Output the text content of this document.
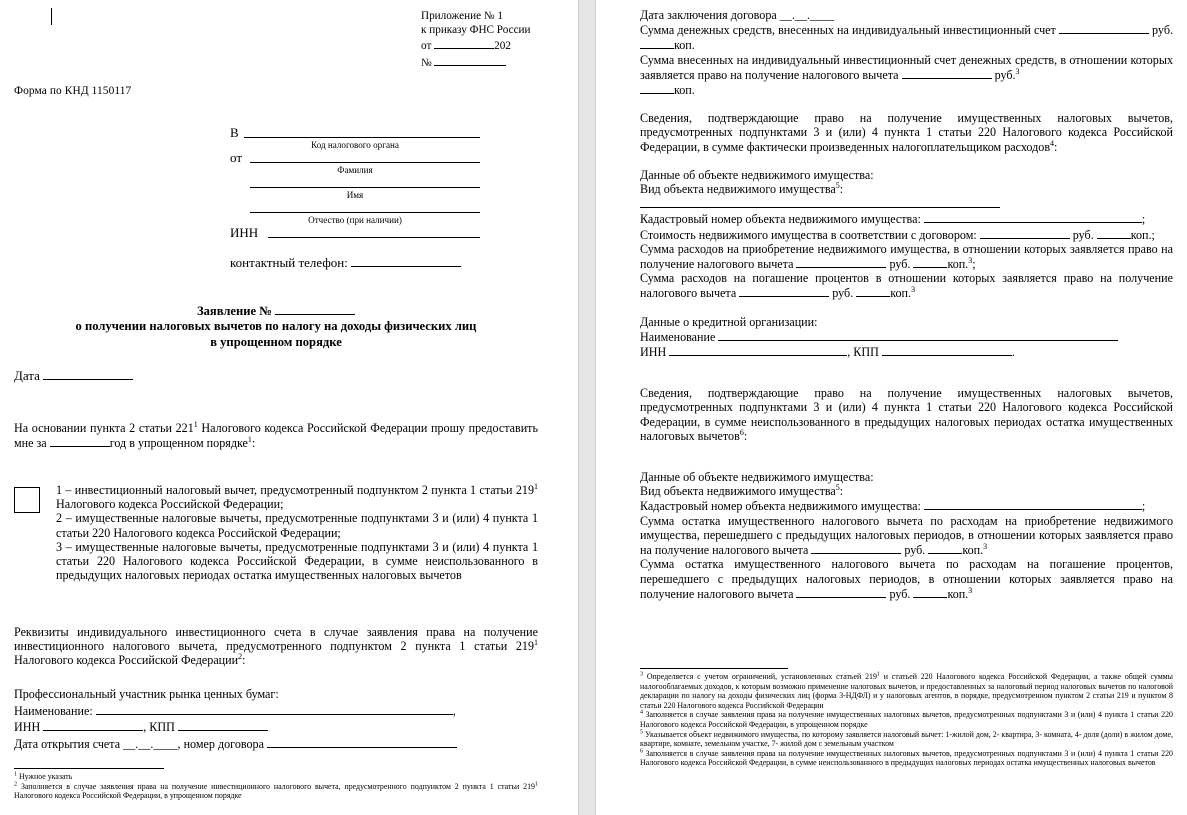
Приложение № 1
к приказу ФНС России
от	202
№
Форма по КНД 1150117
В
Код налогового органа
от
Фамилия
Имя
Отчество (при наличии)
ИНН
контактный телефон:
Заявление №
о получении налоговых вычетов по налогу на доходы физических лиц
в упрощенном порядке
Дата

На основании пункта 2 статьи $221^1$ Налогового кодекса Российской Федерации прошу предоставить мне за	год в упрощенном порядке$^1$:

1 – инвестиционный налоговый вычет, предусмотренный подпунктом 2 пункта 1 статьи $219^1$ Налогового кодекса Российской Федерации;

2 – имущественные налоговые вычеты, предусмотренные подпунктами 3 и (или) 4 пункта 1 статьи 220 Налогового кодекса Российской Федерации;

3 – имущественные налоговые вычеты, предусмотренные подпунктами 3 и (или) 4 пункта 1 статьи 220 Налогового кодекса Российской Федерации, в сумме неиспользованного в предыдущих налоговых периодах остатка имущественных налоговых вычетов

Реквизиты индивидуального инвестиционного счета в случае заявления права на получение инвестиционного налогового вычета, предусмотренного подпунктом 2 пункта 1 статьи $219^1$ Налогового кодекса Российской Федерации$^2$:

Профессиональный участник рынка ценных бумаг:
Наименование:	,
ИНН	, КПП
Дата открытия счета __.__.____, номер договора

$^1$ Нужное указать

$^2$ Заполняется в случае заявления права на получение инвестиционного налогового вычета, предусмотренного подпунктом 2 пункта 1 статьи 219$^1$ Налогового кодекса Российской Федерации, в упрощенном порядке

Дата заключения договора __.__.____

Сумма денежных средств, внесенных на индивидуальный инвестиционный счет	руб. коп.

Сумма внесенных на индивидуальный инвестиционный счет денежных средств, в отношении которых заявляется право на получение налогового вычета	руб.$^3$
коп.

Сведения, подтверждающие право на получение имущественных налоговых вычетов, предусмотренных подпунктами 3 и (или) 4 пункта 1 статьи 220 Налогового кодекса Российской Федерации, в сумме фактически произведенных налогоплательщиком расходов$^4$:

Данные об объекте недвижимого имущества:

Вид объекта недвижимого имущества$^5$:

Кадастровый номер объекта недвижимого имущества:	;

Стоимость недвижимого имущества в соответствии с договором:	руб.	коп.;

Сумма расходов на приобретение недвижимого имущества, в отношении которых заявляется право на получение налогового вычета	руб.	коп.$^3$;

Сумма расходов на погашение процентов в отношении которых заявляется право на получение налогового вычета	руб.	коп.$^3$

Данные о кредитной организации:

Наименование

ИНН	, КПП	.

Сведения, подтверждающие право на получение имущественных налоговых вычетов, предусмотренных подпунктами 3 и (или) 4 пункта 1 статьи 220 Налогового кодекса Российской Федерации, в сумме неиспользованного в предыдущих налоговых периодах остатка имущественных налоговых вычетов$^6$:

Данные об объекте недвижимого имущества:

Вид объекта недвижимого имущества$^5$:

Кадастровый номер объекта недвижимого имущества:	;

Сумма остатка имущественного налогового вычета по расходам на приобретение недвижимого имущества, перешедшего с предыдущих налоговых периодов, в отношении которых заявляется право на получение налогового вычета	руб.	коп.$^3$

Сумма остатка имущественного налогового вычета по расходам на погашение процентов, перешедшего с предыдущих налоговых периодов, в отношении которых заявляется право на получение налогового вычета	руб.	коп.$^3$

$^3$ Определяется с учетом ограничений, установленных статьей 219$^1$ и статьей 220 Налогового кодекса Российской Федерации, а также общей суммы налогооблагаемых доходов, к которым возможно применение налоговых вычетов, и предоставленных за налоговый период налоговых вычетов по налоговой декларации по налогу на доходы физических лиц (форма 3-НДФЛ) и у налоговых агентов, в порядке, предусмотренном пунктом 2 статьи 219 и пунктом 8 статьи 220 Налогового кодекса Российской Федерации

$^4$ Заполняется в случае заявления права на получение имущественных налоговых вычетов, предусмотренных подпунктами 3 и (или) 4 пункта 1 статьи 220 Налогового кодекса Российской Федерации, в упрощенном порядке

$^5$ Указывается объект недвижимого имущества, по которому заявляется налоговый вычет: 1-жилой дом, 2- квартира, 3- комната, 4- доля (доли) в жилом доме, квартире, комнате, земельном участке, 7- жилой дом с земельным участком

$^6$ Заполняется в случае заявления права на получение имущественных налоговых вычетов, предусмотренных подпунктами 3 и (или) 4 пункта 1 статьи 220 Налогового кодекса Российской Федерации, в сумме неиспользованного в предыдущих налоговых периодах остатка имущественных налоговых вычетов
